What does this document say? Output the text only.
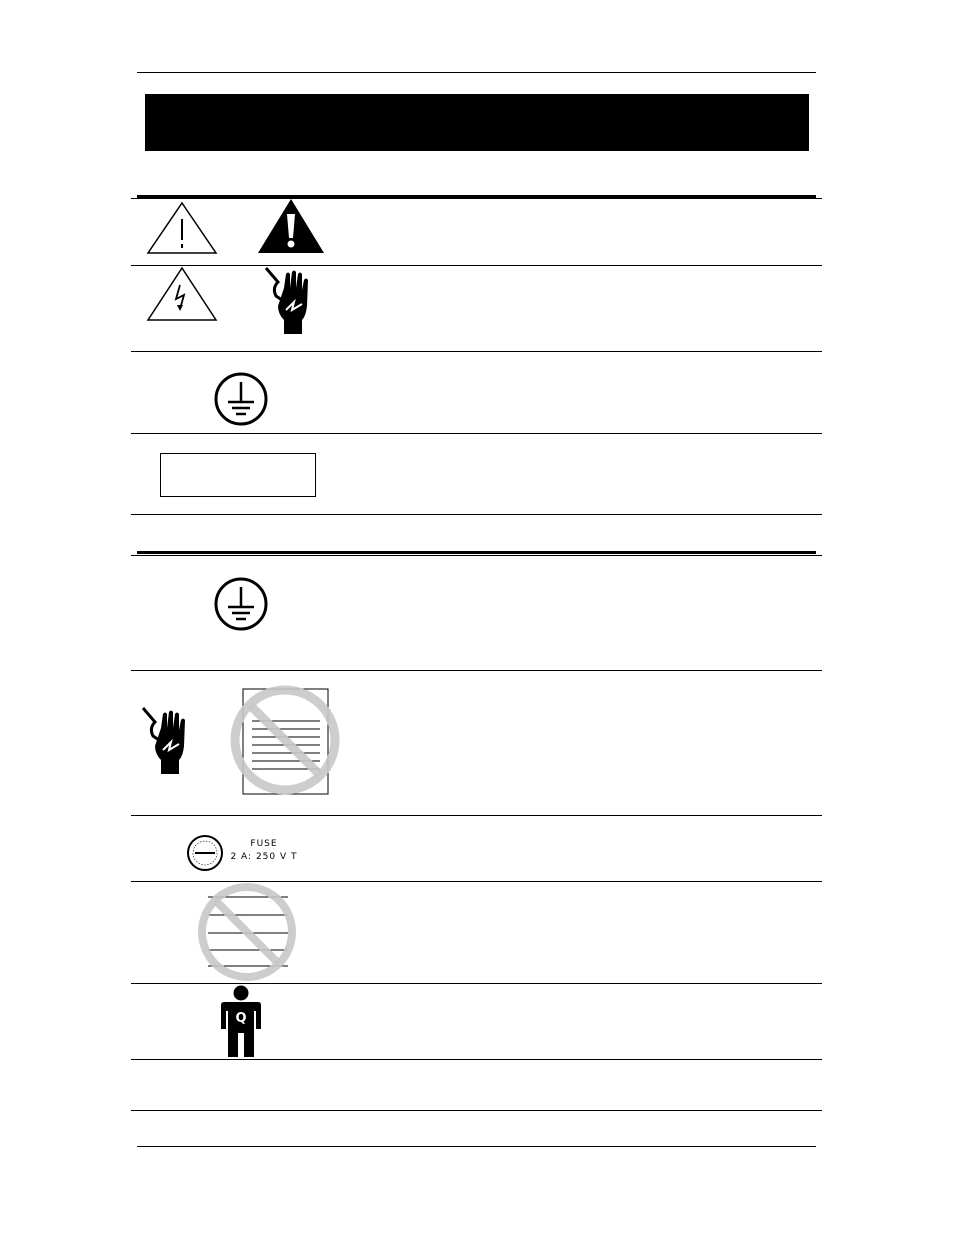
FUSE
2 A: 250 V T
Q
